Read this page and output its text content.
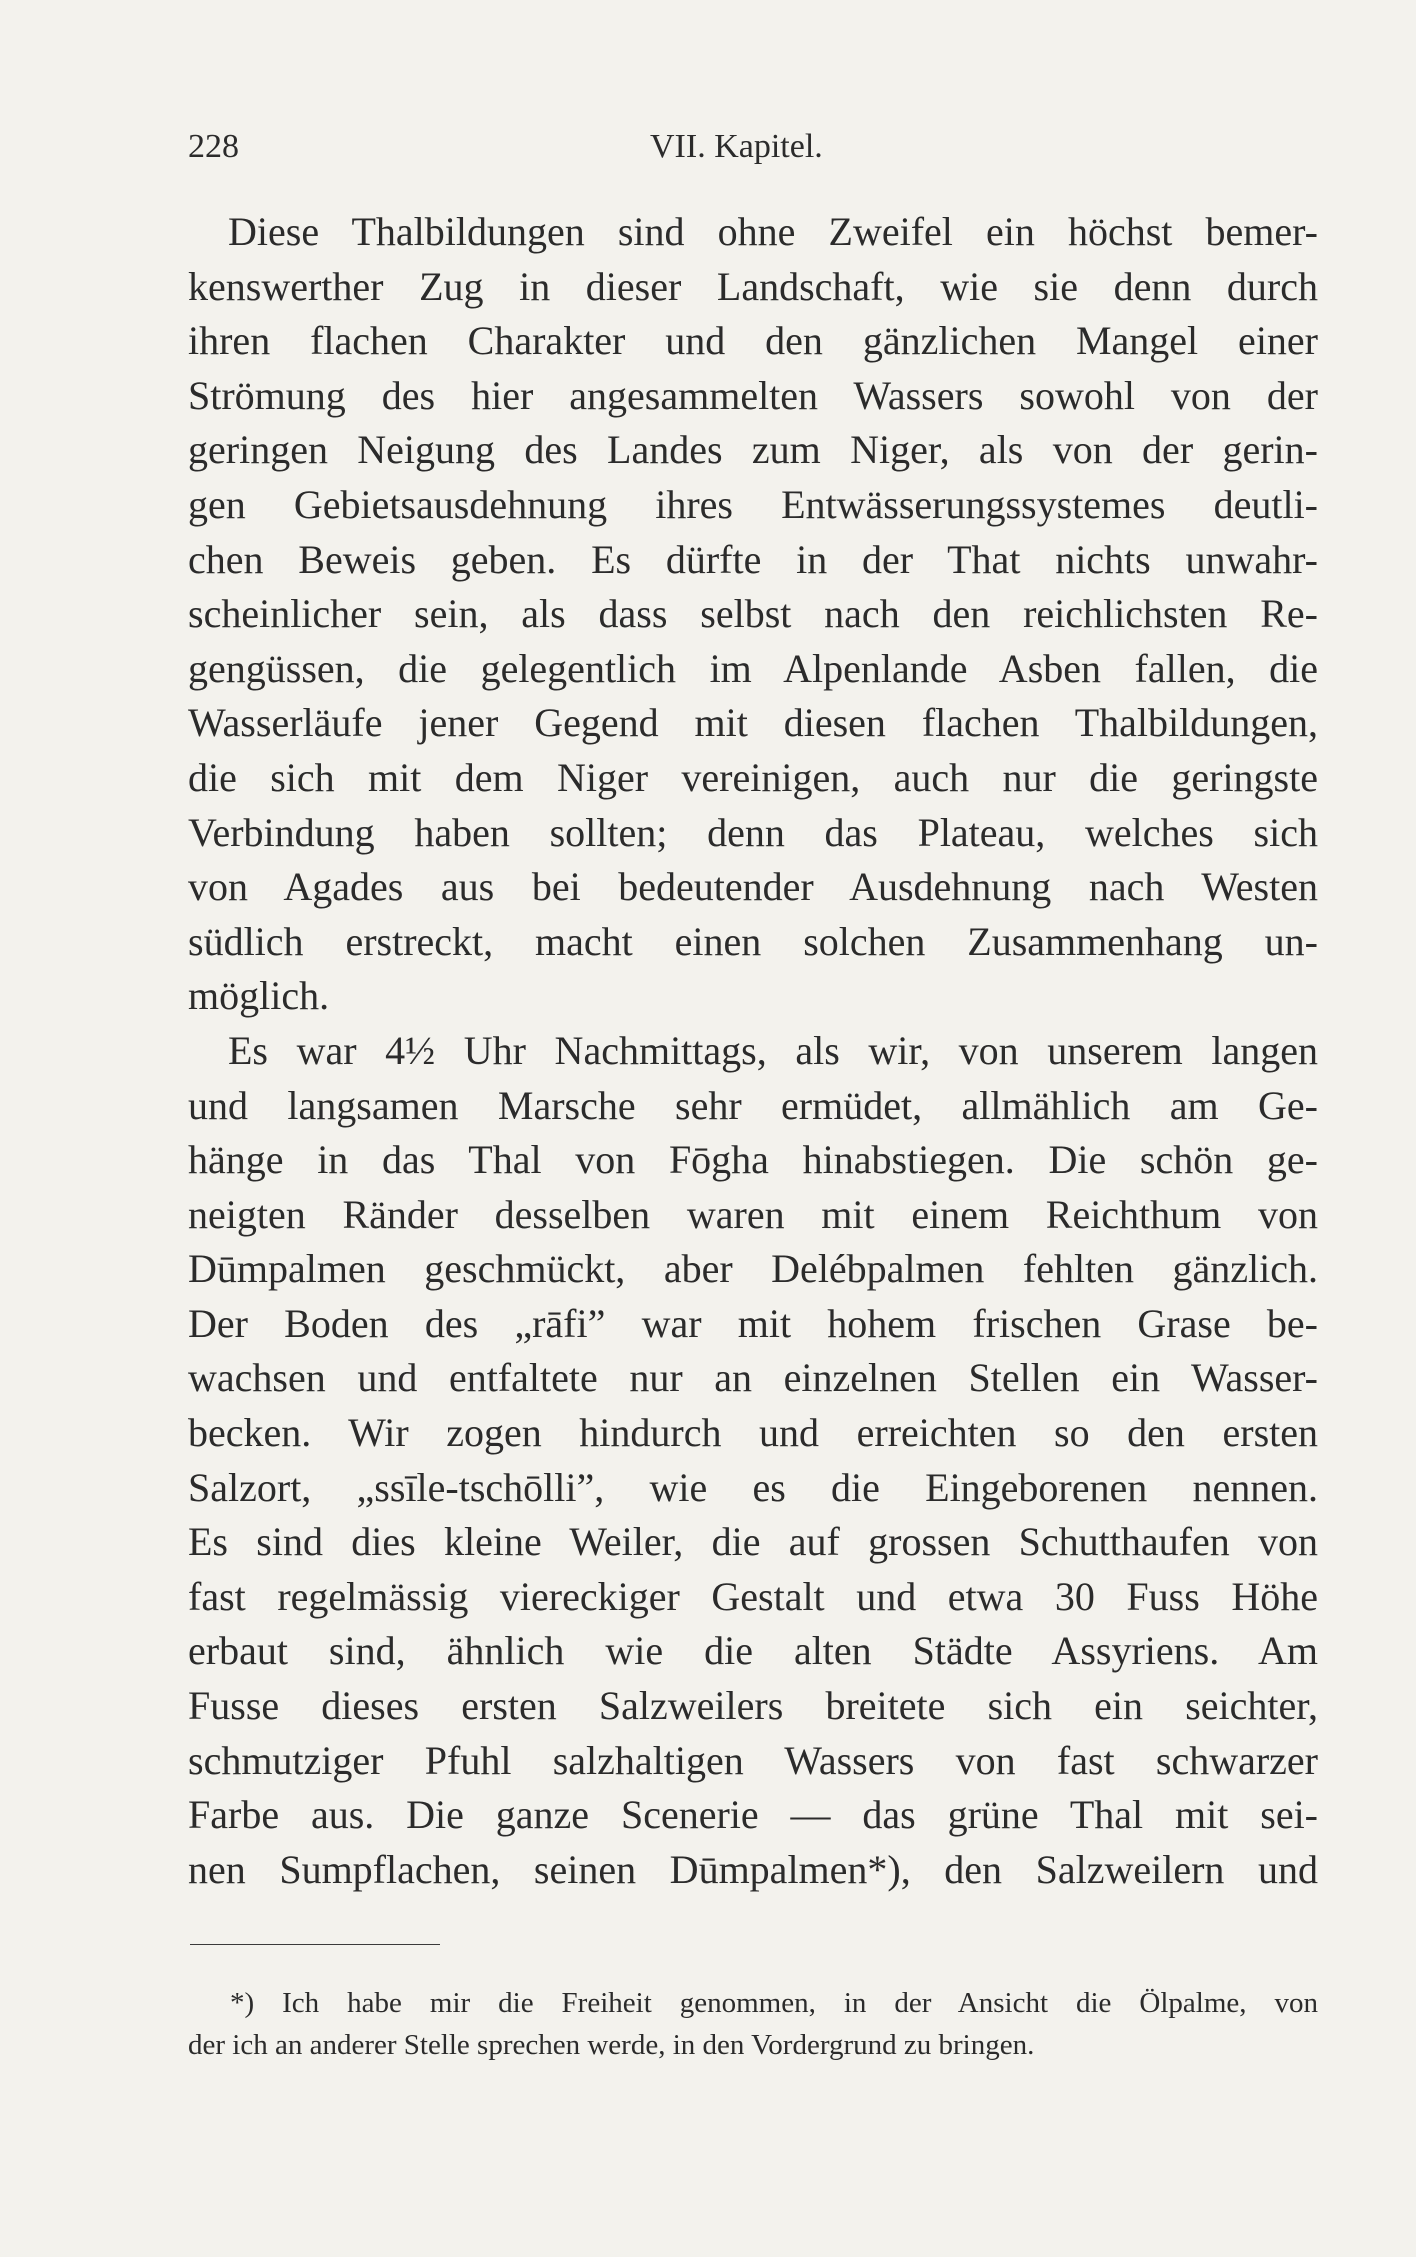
228	VII. Kapitel.
Diese Thalbildungen sind ohne Zweifel ein höchst bemer-
kenswerther Zug in dieser Landschaft, wie sie denn durch
ihren flachen Charakter und den gänzlichen Mangel einer
Strömung des hier angesammelten Wassers sowohl von der
geringen Neigung des Landes zum Niger, als von der gerin-
gen Gebietsausdehnung ihres Entwässerungssystemes deutli-
chen Beweis geben. Es dürfte in der That nichts unwahr-
scheinlicher sein, als dass selbst nach den reichlichsten Re-
gengüssen, die gelegentlich im Alpenlande Asben fallen, die
Wasserläufe jener Gegend mit diesen flachen Thalbildungen,
die sich mit dem Niger vereinigen, auch nur die geringste
Verbindung haben sollten; denn das Plateau, welches sich
von Agades aus bei bedeutender Ausdehnung nach Westen
südlich erstreckt, macht einen solchen Zusammenhang un-
möglich.
Es war 4½ Uhr Nachmittags, als wir, von unserem langen
und langsamen Marsche sehr ermüdet, allmählich am Ge-
hänge in das Thal von Fōgha hinabstiegen. Die schön ge-
neigten Ränder desselben waren mit einem Reichthum von
Dūmpalmen geschmückt, aber Delébpalmen fehlten gänzlich.
Der Boden des „rāfi” war mit hohem frischen Grase be-
wachsen und entfaltete nur an einzelnen Stellen ein Wasser-
becken. Wir zogen hindurch und erreichten so den ersten
Salzort, „ssīle-tschōlli”, wie es die Eingeborenen nennen.
Es sind dies kleine Weiler, die auf grossen Schutthaufen von
fast regelmässig viereckiger Gestalt und etwa 30 Fuss Höhe
erbaut sind, ähnlich wie die alten Städte Assyriens. Am
Fusse dieses ersten Salzweilers breitete sich ein seichter,
schmutziger Pfuhl salzhaltigen Wassers von fast schwarzer
Farbe aus. Die ganze Scenerie — das grüne Thal mit sei-
nen Sumpflachen, seinen Dūmpalmen*), den Salzweilern und
*) Ich habe mir die Freiheit genommen, in der Ansicht die Ölpalme, von
der ich an anderer Stelle sprechen werde, in den Vordergrund zu bringen.
